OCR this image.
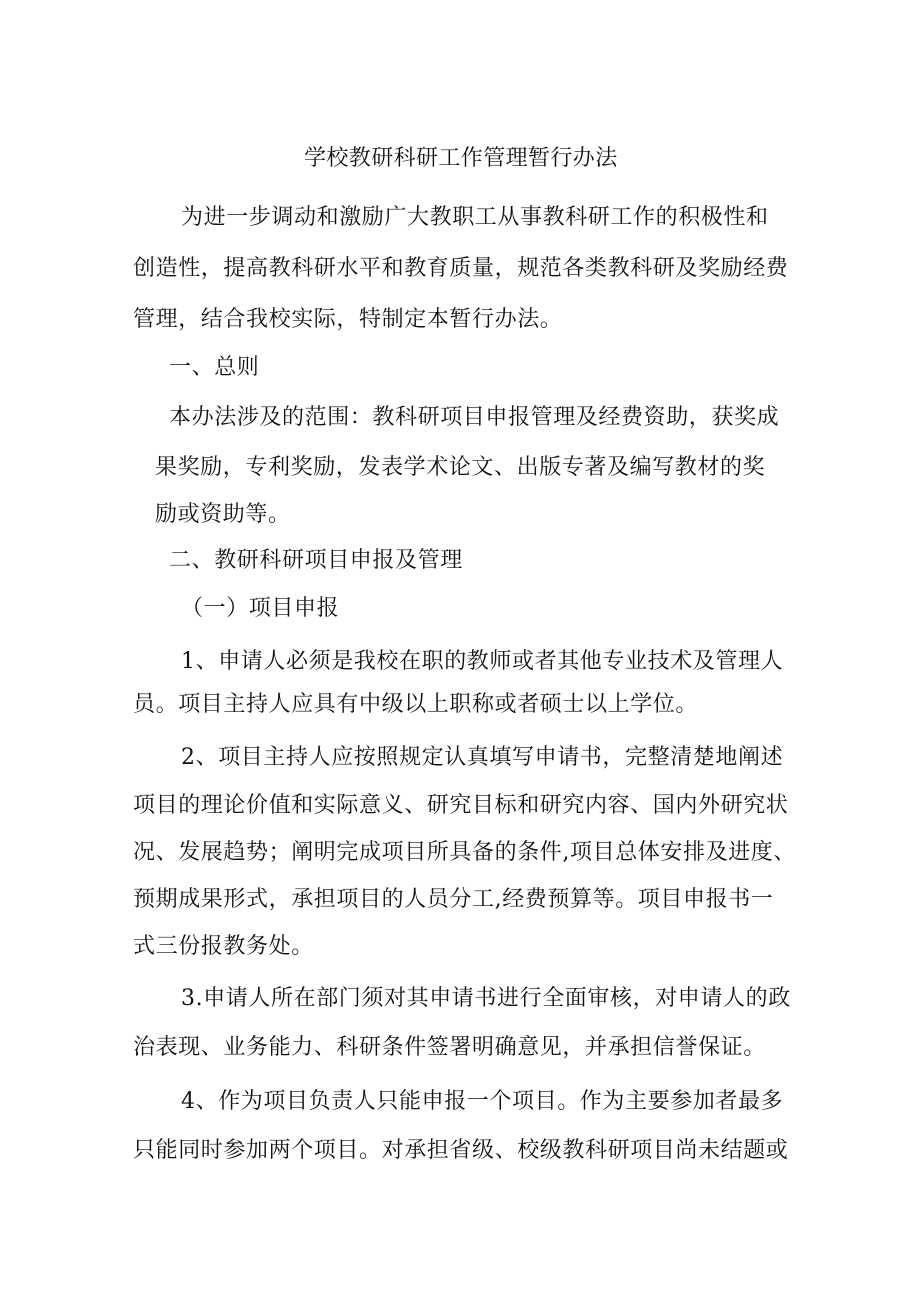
学校教研科研工作管理暂行办法
为进一步调动和激励广大教职工从事教科研工作的积极性和
创造性，提高教科研水平和教育质量，规范各类教科研及奖励经费
管理，结合我校实际，特制定本暂行办法。
一、总则
本办法涉及的范围：教科研项目申报管理及经费资助，获奖成
果奖励，专利奖励，发表学术论文、出版专著及编写教材的奖
励或资助等。
二、教研科研项目申报及管理
（一）项目申报
1、申请人必须是我校在职的教师或者其他专业技术及管理人
员。项目主持人应具有中级以上职称或者硕士以上学位。
2、项目主持人应按照规定认真填写申请书，完整清楚地阐述
项目的理论价值和实际意义、研究目标和研究内容、国内外研究状
况、发展趋势；阐明完成项目所具备的条件,项目总体安排及进度、
预期成果形式，承担项目的人员分工,经费预算等。项目申报书一
式三份报教务处。
3.申请人所在部门须对其申请书进行全面审核，对申请人的政
治表现、业务能力、科研条件签署明确意见，并承担信誉保证。
4、作为项目负责人只能申报一个项目。作为主要参加者最多
只能同时参加两个项目。对承担省级、校级教科研项目尚未结题或
